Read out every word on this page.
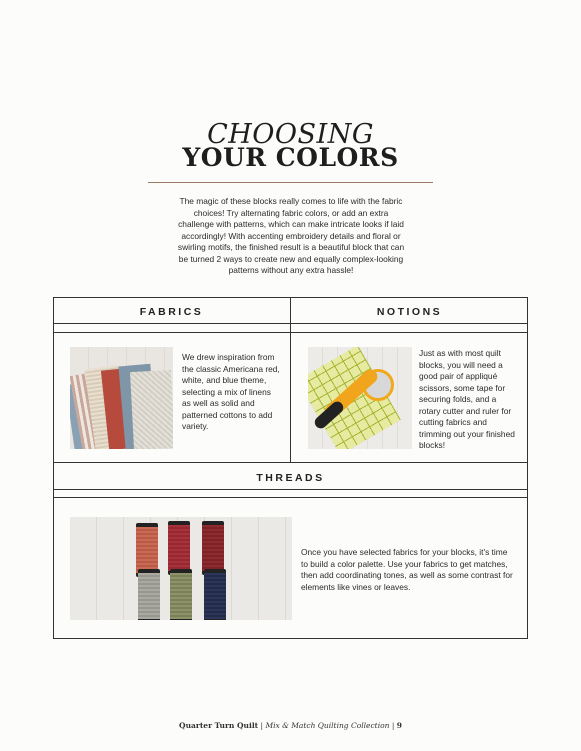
CHOOSING
YOUR COLORS
The magic of these blocks really comes to life with the fabric choices! Try alternating fabric colors, or add an extra challenge with patterns, which can make intricate looks if laid accordingly! With accenting embroidery details and floral or swirling motifs, the finished result is a beautiful block that can be turned 2 ways to create new and equally complex-looking patterns without any extra hassle!
FABRICS	NOTIONS
THREADS
We drew inspiration from the classic Americana red, white, and blue theme, selecting a mix of linens as well as solid and patterned cottons to add variety.
Just as with most quilt blocks, you will need a good pair of appliqué scissors, some tape for securing folds, and a rotary cutter and ruler for cutting fabrics and trimming out your finished blocks!
Once you have selected fabrics for your blocks, it's time to build a color palette. Use your fabrics to get matches, then add coordinating tones, as well as some contrast for elements like vines or leaves.
Quarter Turn Quilt | Mix & Match Quilting Collection | 9
